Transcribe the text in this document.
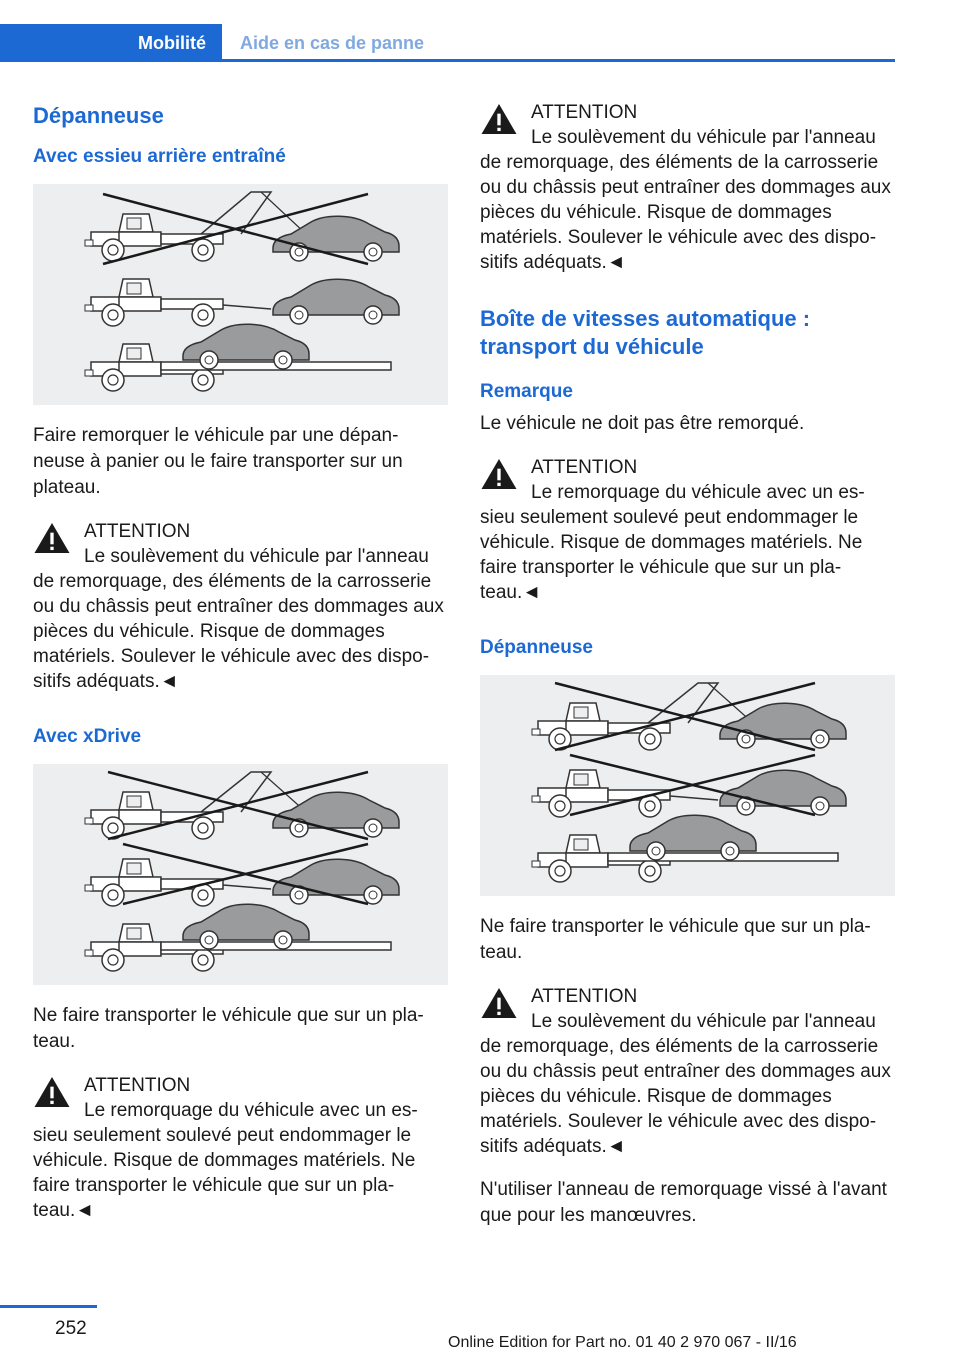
Mobilité	Aide en cas de panne
Dépanneuse
Avec essieu arrière entraîné

Faire remorquer le véhicule par une dépan-neuse à panier ou le faire transporter sur un plateau.

ATTENTION
Le soulèvement du véhicule par l'anneau
de remorquage, des éléments de la carrosserie ou du châssis peut entraîner des dommages aux pièces du véhicule. Risque de dommages matériels. Soulever le véhicule avec des dispo-sitifs adéquats.◄
Avec xDrive

Ne faire transporter le véhicule que sur un pla-teau.

ATTENTION
Le remorquage du véhicule avec un es-
sieu seulement soulevé peut endommager le véhicule. Risque de dommages matériels. Ne faire transporter le véhicule que sur un pla-teau.◄
ATTENTION
Le soulèvement du véhicule par l'anneau
de remorquage, des éléments de la carrosserie ou du châssis peut entraîner des dommages aux pièces du véhicule. Risque de dommages matériels. Soulever le véhicule avec des dispo-sitifs adéquats.◄
Boîte de vitesses automatique : transport du véhicule
Remarque

Le véhicule ne doit pas être remorqué.

ATTENTION
Le remorquage du véhicule avec un es-
sieu seulement soulevé peut endommager le véhicule. Risque de dommages matériels. Ne faire transporter le véhicule que sur un pla-teau.◄
Dépanneuse

Ne faire transporter le véhicule que sur un pla-teau.

ATTENTION
Le soulèvement du véhicule par l'anneau
de remorquage, des éléments de la carrosserie ou du châssis peut entraîner des dommages aux pièces du véhicule. Risque de dommages matériels. Soulever le véhicule avec des dispo-sitifs adéquats.◄

N'utiliser l'anneau de remorquage vissé à l'avant que pour les manœuvres.

252
Online Edition for Part no. 01 40 2 970 067 - II/16
